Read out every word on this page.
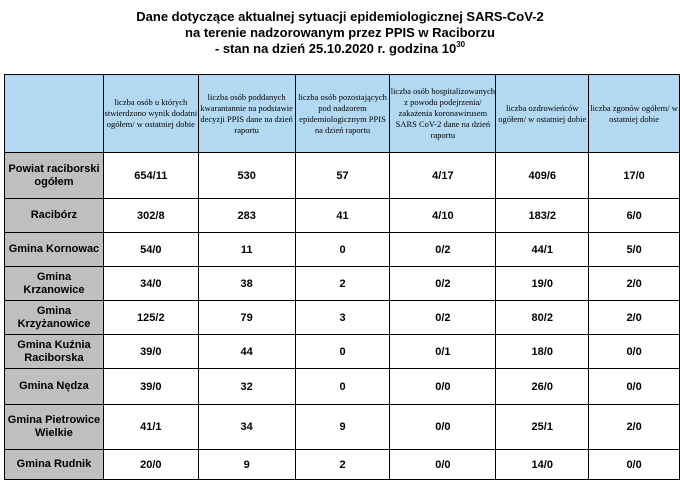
Dane dotyczące aktualnej sytuacji epidemiologicznej SARS-CoV-2
na terenie nadzorowanym przez PPIS w Raciborzu
- stan na dzień 25.10.2020 r. godzina $10^{30}$
	liczba osób u których stwierdzono wynik dodatni ogółem/ w ostatniej dobie	liczba osób poddanych kwarantannie na podstawie decyzji PPIS dane na dzień raportu	liczba osób pozostających pod nadzorem epidemiologicznym PPIS na dzień raportu	liczba osób hospitalizowanych z powodu podejrzenia/ zakażenia koronawirusem SARS CoV-2 dane na dzień raportu	liczba ozdrowieńców ogółem/ w ostatniej dobie	liczba zgonów ogółem/ w ostatniej dobie
Powiat raciborski ogółem	654/11	530	57	4/17	409/6	17/0
Racibórz	302/8	283	41	4/10	183/2	6/0
Gmina Kornowac	54/0	11	0	0/2	44/1	5/0
Gmina Krzanowice	34/0	38	2	0/2	19/0	2/0
Gmina Krzyżanowice	125/2	79	3	0/2	80/2	2/0
Gmina Kuźnia Raciborska	39/0	44	0	0/1	18/0	0/0
Gmina Nędza	39/0	32	0	0/0	26/0	0/0
Gmina Pietrowice Wielkie	41/1	34	9	0/0	25/1	2/0
Gmina Rudnik	20/0	9	2	0/0	14/0	0/0
